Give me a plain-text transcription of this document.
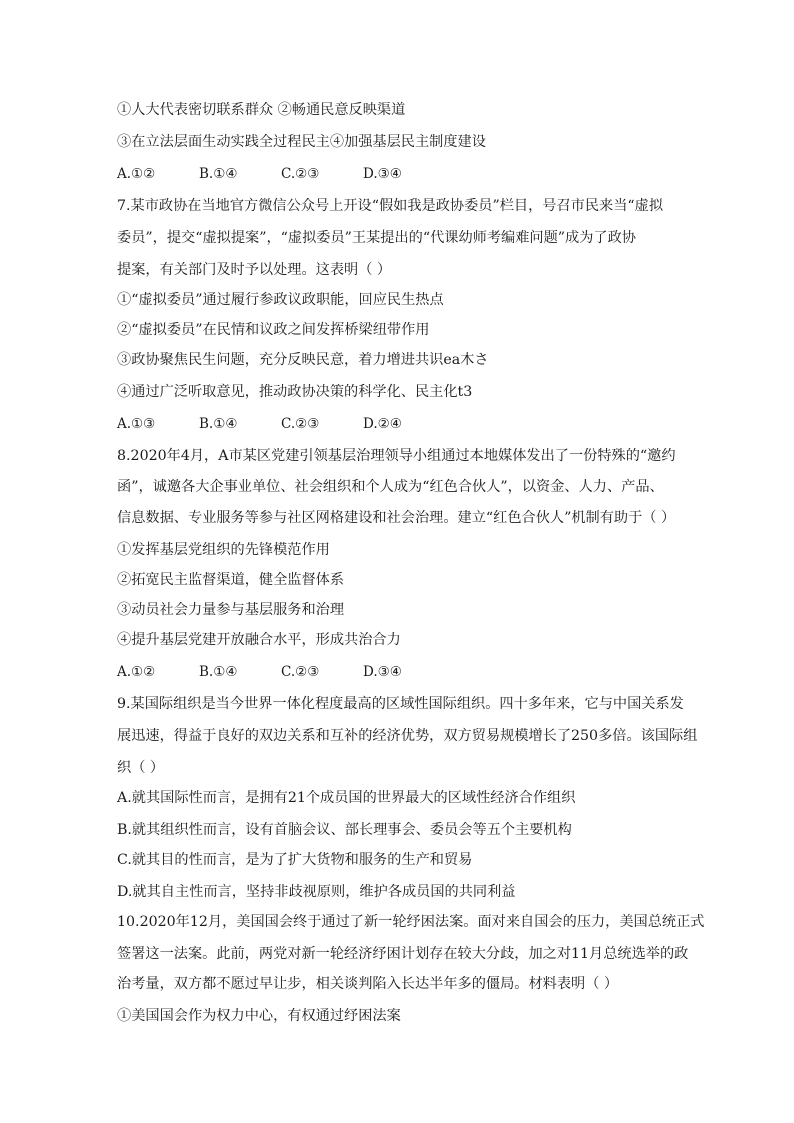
①人大代表密切联系群众 ②畅通民意反映渠道
③在立法层面生动实践全过程民主④加强基层民主制度建设
A.①②	B.①④	C.②③	D.③④
7.某市政协在当地官方微信公众号上开设“假如我是政协委员”栏目，号召市民来当“虚拟
委员”，提交“虚拟提案”，“虚拟委员”王某提出的“代课幼师考编难问题”成为了政协
提案，有关部门及时予以处理。这表明（ ）
①“虚拟委员”通过履行参政议政职能，回应民生热点
②“虚拟委员”在民情和议政之间发挥桥梁纽带作用
③政协聚焦民生问题，充分反映民意，着力增进共识ea木さ
④通过广泛听取意见，推动政协决策的科学化、民主化t3
A.①③	B.①④	C.②③	D.②④
8.2020年4月，A市某区党建引领基层治理领导小组通过本地媒体发出了一份特殊的“邀约
函”，诚邀各大企事业单位、社会组织和个人成为“红色合伙人”，以资金、人力、产品、
信息数据、专业服务等参与社区网格建设和社会治理。建立“红色合伙人”机制有助于（ ）
①发挥基层党组织的先锋模范作用
②拓宽民主监督渠道，健全监督体系
③动员社会力量参与基层服务和治理
④提升基层党建开放融合水平，形成共治合力
A.①②	B.①④	C.②③	D.③④
9.某国际组织是当今世界一体化程度最高的区域性国际组织。四十多年来，它与中国关系发
展迅速，得益于良好的双边关系和互补的经济优势，双方贸易规模增长了250多倍。该国际组
织（ ）
A.就其国际性而言，是拥有21个成员国的世界最大的区域性经济合作组织
B.就其组织性而言，设有首脑会议、部长理事会、委员会等五个主要机构
C.就其目的性而言，是为了扩大货物和服务的生产和贸易
D.就其自主性而言，坚持非歧视原则，维护各成员国的共同利益
10.2020年12月，美国国会终于通过了新一轮纾困法案。面对来自国会的压力，美国总统正式
签署这一法案。此前，两党对新一轮经济纾困计划存在较大分歧，加之对11月总统选举的政
治考量，双方都不愿过早让步，相关谈判陷入长达半年多的僵局。材料表明（ ）
①美国国会作为权力中心，有权通过纾困法案
